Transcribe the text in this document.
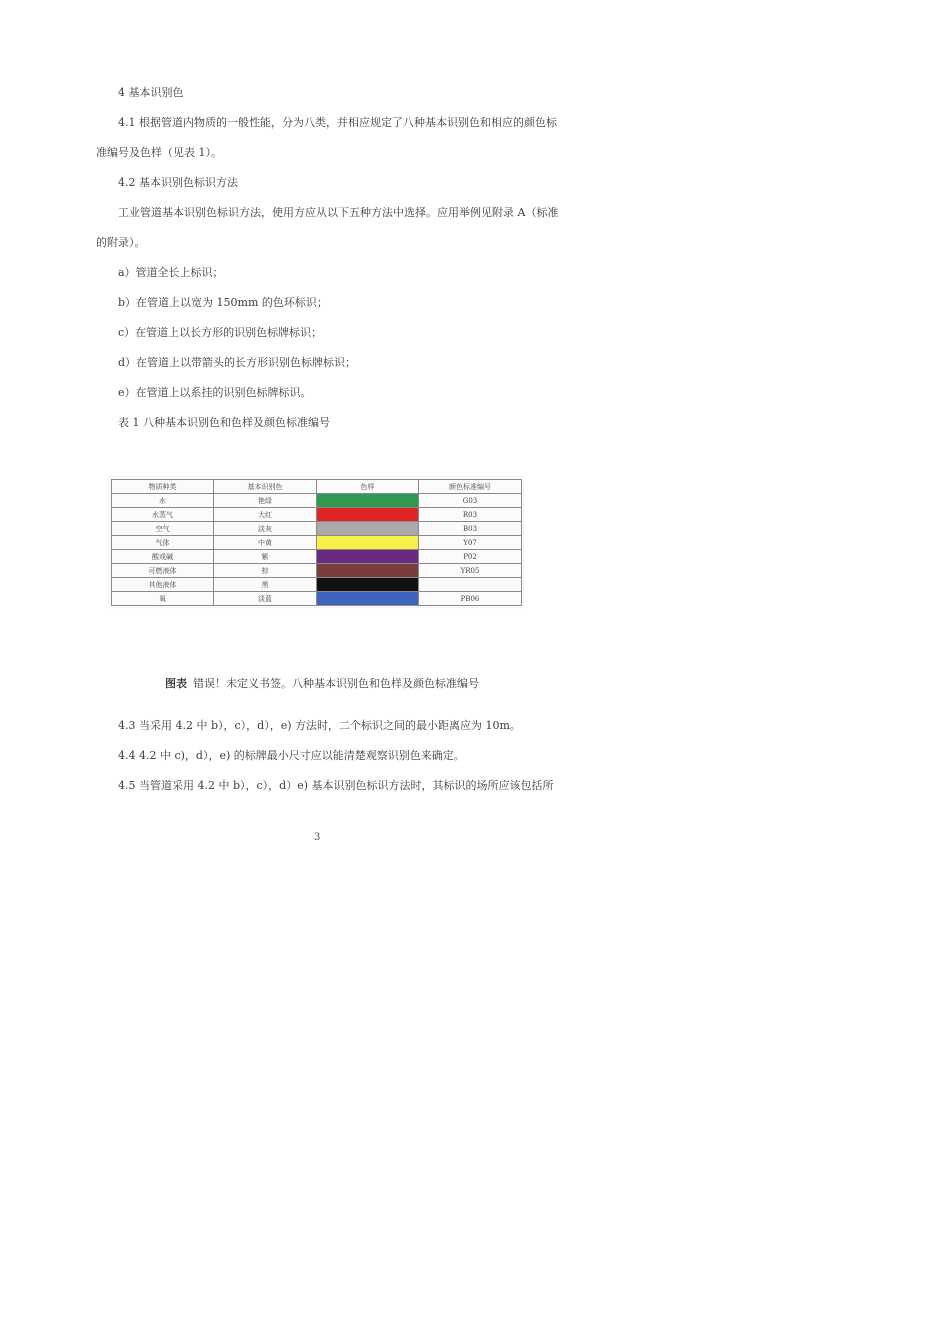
4 基本识别色
4.1 根据管道内物质的一般性能，分为八类，并相应规定了八种基本识别色和相应的颜色标
准编号及色样（见表 1）。
4.2 基本识别色标识方法
工业管道基本识别色标识方法，使用方应从以下五种方法中选择。应用举例见附录 A（标准
的附录）。
a）管道全长上标识；
b）在管道上以宽为 150mm 的色环标识；
c）在管道上以长方形的识别色标牌标识；
d）在管道上以带箭头的长方形识别色标牌标识；
e）在管道上以系挂的识别色标牌标识。
表 1 八种基本识别色和色样及颜色标准编号
物质种类	基本识别色	色样	颜色标准编号
水	艳绿		G03
水蒸气	大红		R03
空气	淡灰		B03
气体	中黄		Y07
酸或碱	紫		P02
可燃液体	棕		YR05
其他液体	黑	

氧	淡蓝		PB06
图表 错误！未定义书签。八种基本识别色和色样及颜色标准编号
4.3 当采用 4.2 中 b），c），d），e) 方法时，二个标识之间的最小距离应为 10m。
4.4 4.2 中 c)，d），e) 的标牌最小尺寸应以能清楚观察识别色来确定。
4.5 当管道采用 4.2 中 b），c），d）e) 基本识别色标识方法时，其标识的场所应该包括所
3
